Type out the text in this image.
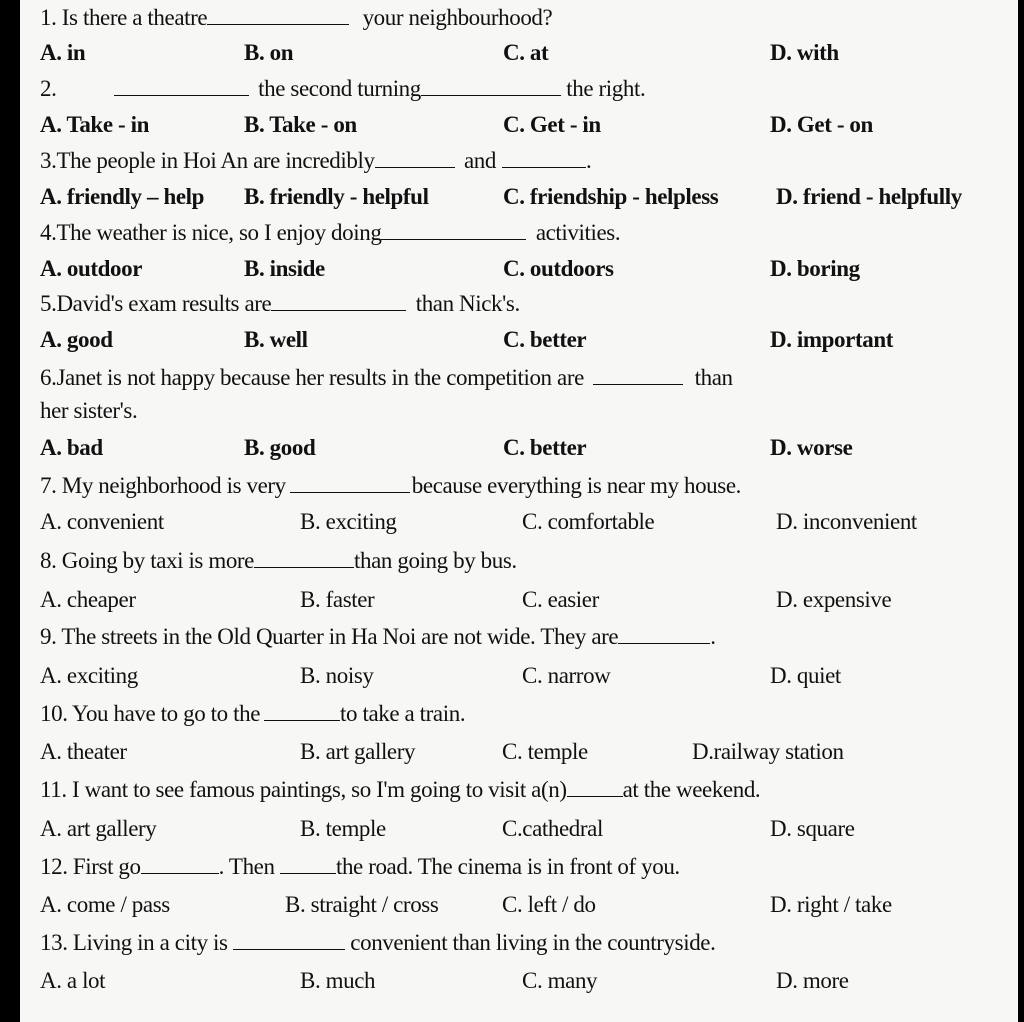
1. Is there a theatre	your neighbourhood?
A. in	B. on	C. at	D. with
2.	the second turning	the right.
A. Take - in	B. Take - on	C. Get - in	D. Get - on
3.The people in Hoi An are incredibly	and	.
A. friendly – help B. friendly - helpful	C. friendship - helpless	D. friend - helpfully
4.The weather is nice, so I enjoy doing	activities.
A. outdoor	B. inside	C. outdoors	D. boring
5.David's exam results are	than Nick's.
A. good	B. well	C. better	D. important
6.Janet is not happy because her results in the competition are	than
her sister's.
A. bad	B. good	C. better	D. worse
7. My neighborhood is very	because everything is near my house.
A. convenient	B. exciting	C. comfortable	D. inconvenient
8. Going by taxi is more	than going by bus.
A. cheaper	B. faster	C. easier	D. expensive
9. The streets in the Old Quarter in Ha Noi are not wide. They are	.
A. exciting	B. noisy	C. narrow	D. quiet
10. You have to go to the	to take a train.
A. theater	B. art gallery	C. temple	D.railway station
11. I want to see famous paintings, so I'm going to visit a(n) at the weekend.
A. art gallery	B. temple	C.cathedral	D. square
12. First go	. Then	the road. The cinema is in front of you.
A. come / pass	B. straight / cross	C. left / do	D. right / take
13. Living in a city is	convenient than living in the countryside.
A. a lot	B. much	C. many	D. more
